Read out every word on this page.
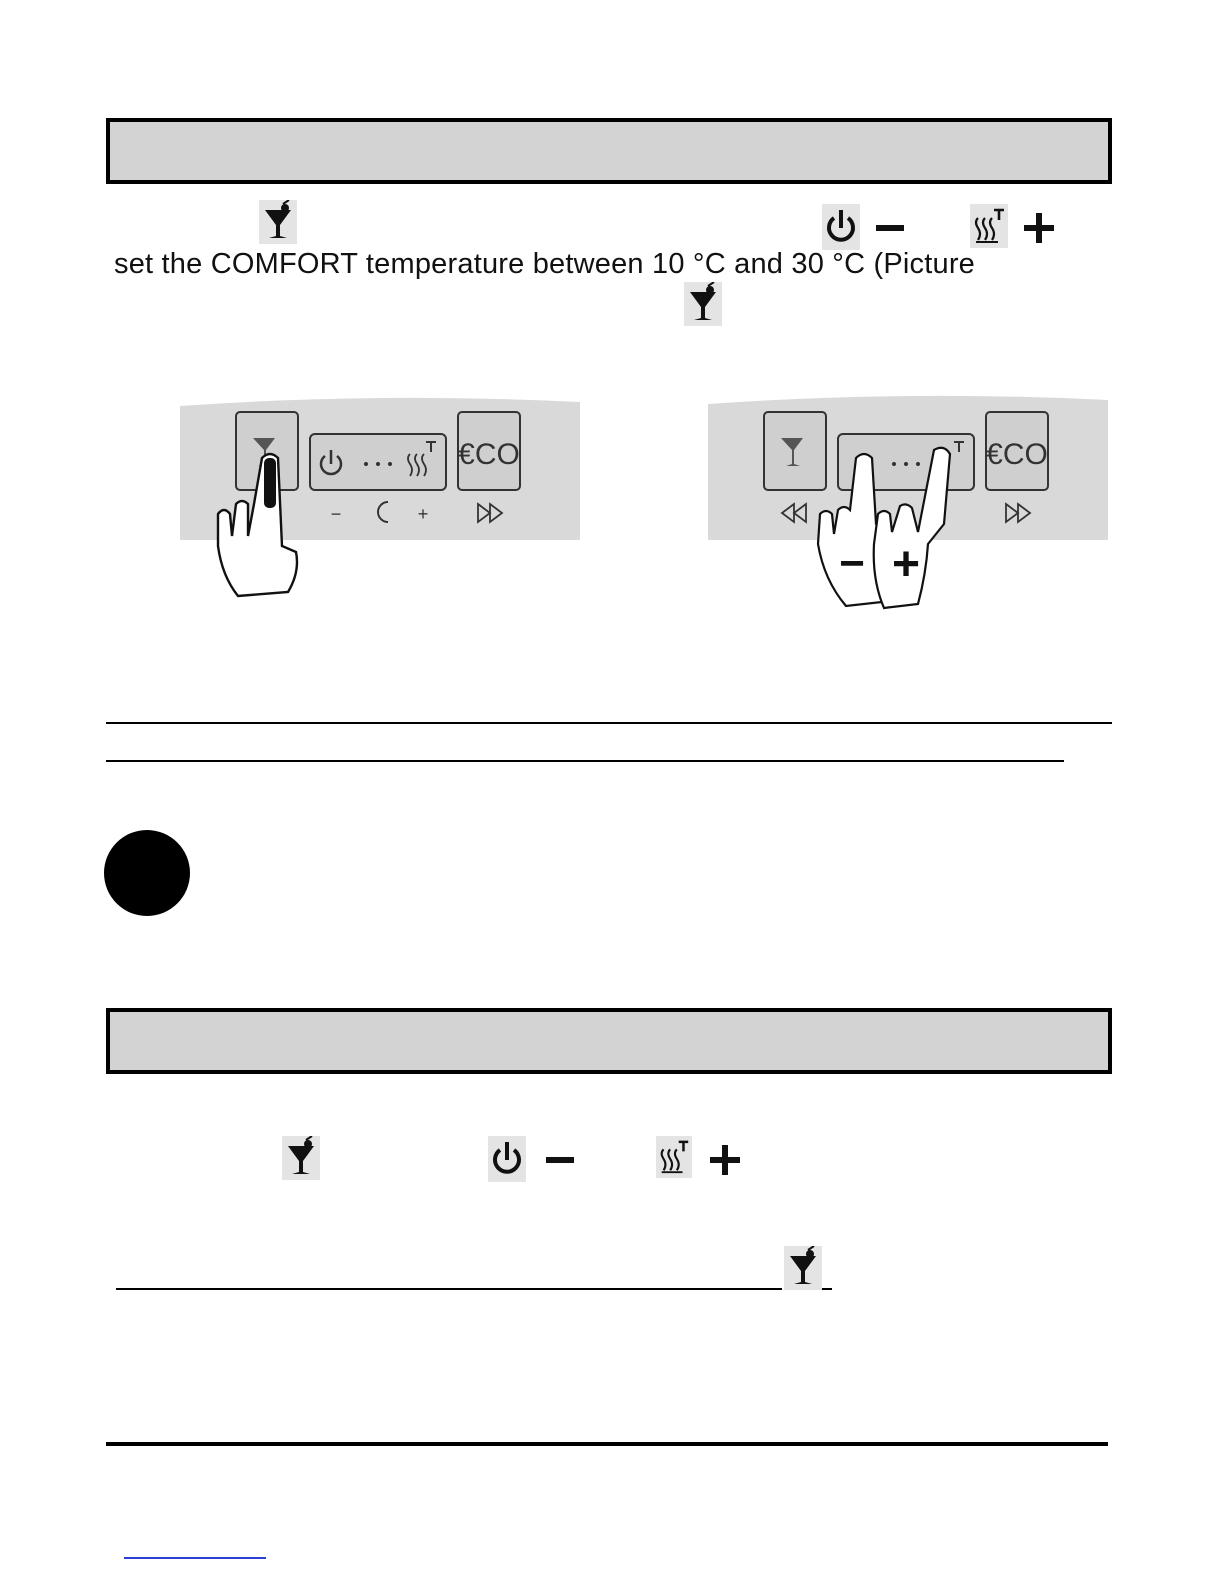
set the COMFORT temperature between 10 °C and 30 °C (Picture
€CO
−	+
€CO
− +
